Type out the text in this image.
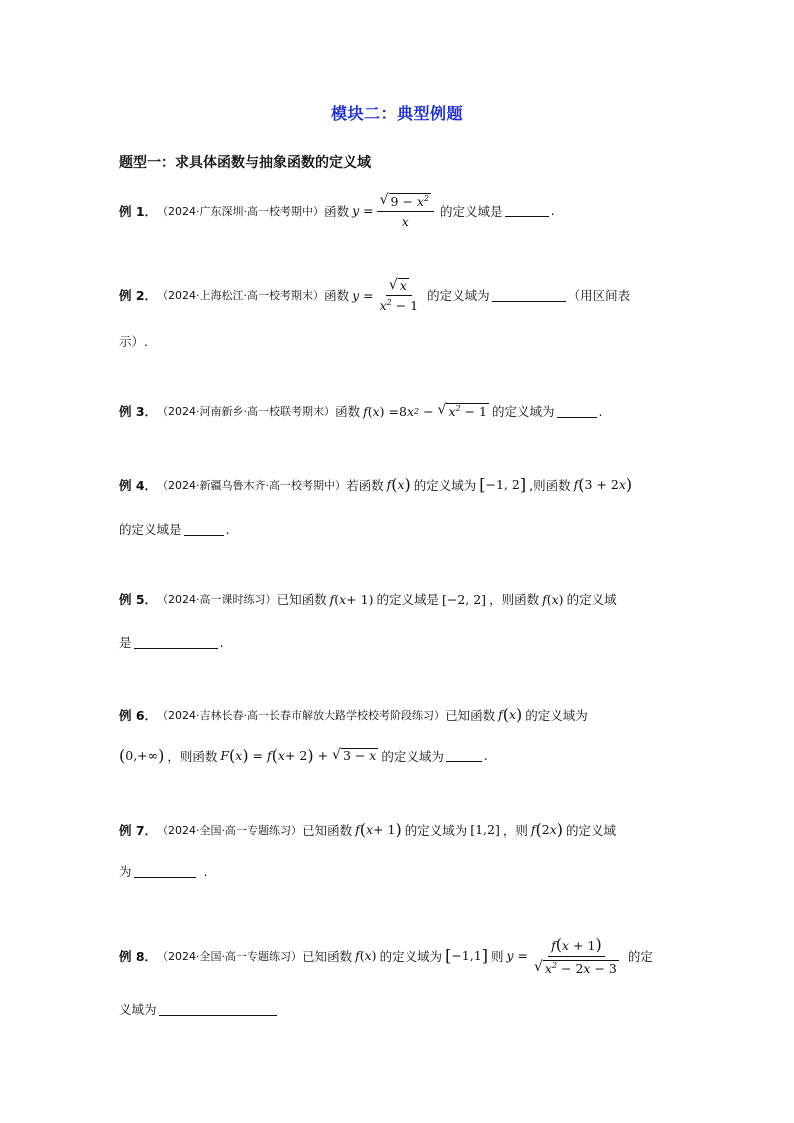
模块二：典型例题
题型一：求具体函数与抽象函数的定义域
例 1． （2024·广东深圳·高一校考期中） 函数 $y = \frac{√ 9 - x^2}{x}$ 的定义域是	.
例 2． （2024·上海松江·高一校考期末） 函数 $y = \frac{√ x}{x^2 - 1}$ 的定义域为	（用区间表
示）.
例 3． （2024·河南新乡·高一校联考期末） 函数 f ( x ) = 8 x 2 − √ $x^2 - 1$ 的定义域为	.
例 4． （2024·新疆乌鲁木齐·高一校考期中） 若函数 f ( x ) 的定义域为 [ −1, 2 ] ,则函数 f ( 3 + 2 x )
的定义域是	.
例 5． （2024·高一课时练习） 已知函数 f ( x + 1) 的定义域是 [−2, 2] ，则函数 f ( x ) 的定义域
是	.
例 6． （2024·吉林长春·高一长春市解放大路学校校考阶段练习） 已知函数 f ( x ) 的定义域为
( 0,+∞ ) ，则函数 F ( x ) = f ( x + 2 ) + √ 3 − x 的定义域为	.
例 7． （2024·全国·高一专题练习） 已知函数 f ( x + 1 ) 的定义域为 [1,2] ，则 f ( 2 x ) 的定义域
为	.
例 8． （2024·全国·高一专题练习） 已知函数 f ( x ) 的定义域为 [ −1,1 ] 则 $y = \frac{f(x + 1)}{√ x^2 - 2x - 3}$ 的定
义域为
